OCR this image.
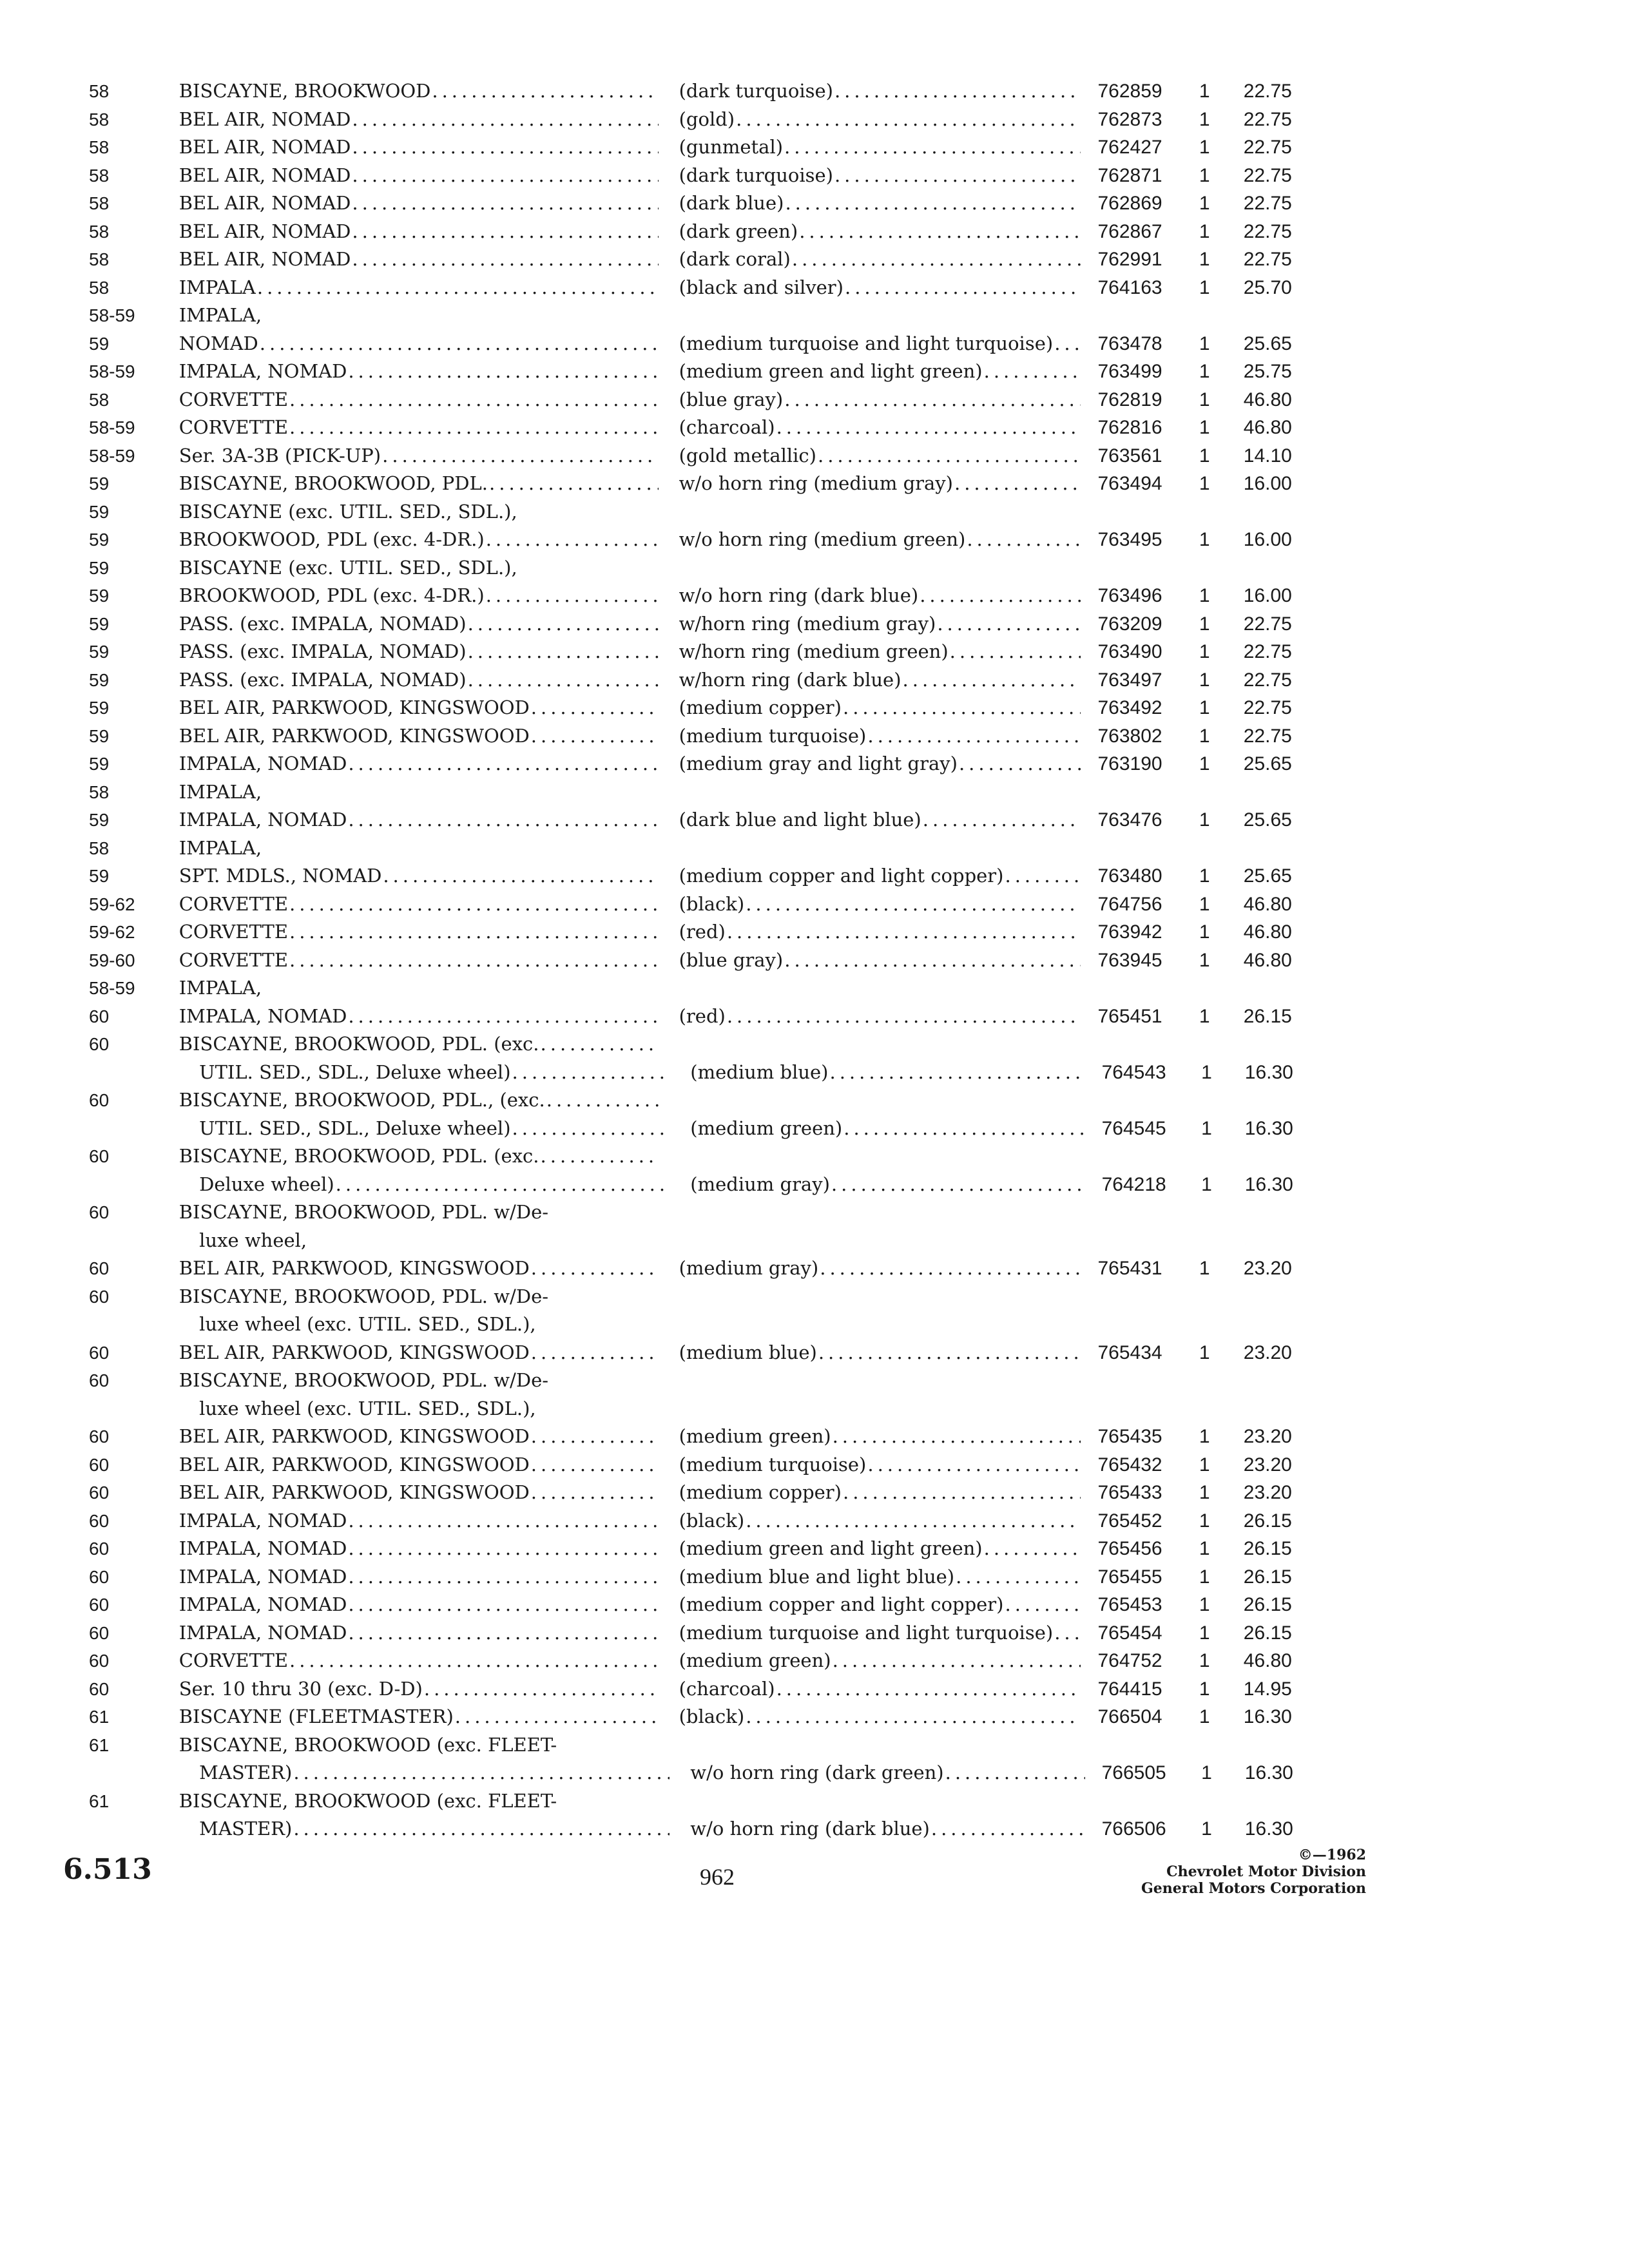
58	BISCAYNE, BROOKWOOD .....	(dark turquoise) .....	762859	1	22.75
58	BEL AIR, NOMAD .....	(gold) .....	762873	1	22.75
58	BEL AIR, NOMAD .....	(gunmetal) .....	762427	1	22.75
58	BEL AIR, NOMAD .....	(dark turquoise) .....	762871	1	22.75
58	BEL AIR, NOMAD .....	(dark blue) .....	762869	1	22.75
58	BEL AIR, NOMAD .....	(dark green) .....	762867	1	22.75
58	BEL AIR, NOMAD .....	(dark coral) .....	762991	1	22.75
58	IMPALA .....	(black and silver) .....	764163	1	25.70
58-59	IMPALA,
59	NOMAD .....	(medium turquoise and light turquoise) .....	763478	1	25.65
58-59	IMPALA, NOMAD .....	(medium green and light green) .....	763499	1	25.75
58	CORVETTE .....	(blue gray) .....	762819	1	46.80
58-59	CORVETTE .....	(charcoal) .....	762816	1	46.80
58-59	Ser. 3A-3B (PICK-UP) .....	(gold metallic) .....	763561	1	14.10
59	BISCAYNE, BROOKWOOD, PDL. .....	w/o horn ring (medium gray) .....	763494	1	16.00
59	BISCAYNE (exc. UTIL. SED., SDL.),
59	BROOKWOOD, PDL (exc. 4-DR.) .....	w/o horn ring (medium green) .....	763495	1	16.00
59	BISCAYNE (exc. UTIL. SED., SDL.),
59	BROOKWOOD, PDL (exc. 4-DR.) .....	w/o horn ring (dark blue) .....	763496	1	16.00
59	PASS. (exc. IMPALA, NOMAD) .....	w/horn ring (medium gray) .....	763209	1	22.75
59	PASS. (exc. IMPALA, NOMAD) .....	w/horn ring (medium green) .....	763490	1	22.75
59	PASS. (exc. IMPALA, NOMAD) .....	w/horn ring (dark blue) .....	763497	1	22.75
59	BEL AIR, PARKWOOD, KINGSWOOD .....	(medium copper) .....	763492	1	22.75
59	BEL AIR, PARKWOOD, KINGSWOOD .....	(medium turquoise) .....	763802	1	22.75
59	IMPALA, NOMAD .....	(medium gray and light gray) .....	763190	1	25.65
58	IMPALA,
59	IMPALA, NOMAD .....	(dark blue and light blue) .....	763476	1	25.65
58	IMPALA,
59	SPT. MDLS., NOMAD .....	(medium copper and light copper) .....	763480	1	25.65
59-62	CORVETTE .....	(black) .....	764756	1	46.80
59-62	CORVETTE .....	(red) .....	763942	1	46.80
59-60	CORVETTE .....	(blue gray) .....	763945	1	46.80
58-59	IMPALA,
60	IMPALA, NOMAD .....	(red) .....	765451	1	26.15
60	BISCAYNE, BROOKWOOD, PDL. (exc.
.....
UTIL. SED., SDL., Deluxe wheel) .....	(medium blue) .....	764543	1	16.30
60	BISCAYNE, BROOKWOOD, PDL., (exc.
.....
UTIL. SED., SDL., Deluxe wheel) .....	(medium green) .....	764545	1	16.30
60	BISCAYNE, BROOKWOOD, PDL. (exc.
.....
Deluxe wheel) .....	(medium gray) .....	764218	1	16.30
60	BISCAYNE, BROOKWOOD, PDL. w/De-
luxe wheel,
60	BEL AIR, PARKWOOD, KINGSWOOD .....	(medium gray) .....	765431	1	23.20
60	BISCAYNE, BROOKWOOD, PDL. w/De-
luxe wheel (exc. UTIL. SED., SDL.),
60	BEL AIR, PARKWOOD, KINGSWOOD .....	(medium blue) .....	765434	1	23.20
60	BISCAYNE, BROOKWOOD, PDL. w/De-
luxe wheel (exc. UTIL. SED., SDL.),
60	BEL AIR, PARKWOOD, KINGSWOOD .....	(medium green) .....	765435	1	23.20
60	BEL AIR, PARKWOOD, KINGSWOOD .....	(medium turquoise) .....	765432	1	23.20
60	BEL AIR, PARKWOOD, KINGSWOOD .....	(medium copper) .....	765433	1	23.20
60	IMPALA, NOMAD .....	(black) .....	765452	1	26.15
60	IMPALA, NOMAD .....	(medium green and light green) .....	765456	1	26.15
60	IMPALA, NOMAD .....	(medium blue and light blue) .....	765455	1	26.15
60	IMPALA, NOMAD .....	(medium copper and light copper) .....	765453	1	26.15
60	IMPALA, NOMAD .....	(medium turquoise and light turquoise) .....	765454	1	26.15
60	CORVETTE .....	(medium green) .....	764752	1	46.80
60	Ser. 10 thru 30 (exc. D-D) .....	(charcoal) .....	764415	1	14.95
61	BISCAYNE (FLEETMASTER) .....	(black) .....	766504	1	16.30
61	BISCAYNE, BROOKWOOD (exc. FLEET-
MASTER) .....	w/o horn ring (dark green) .....	766505	1	16.30
61	BISCAYNE, BROOKWOOD (exc. FLEET-
MASTER) .....	w/o horn ring (dark blue) .....	766506	1	16.30
6.513	962
©—1962
Chevrolet Motor Division
General Motors Corporation
